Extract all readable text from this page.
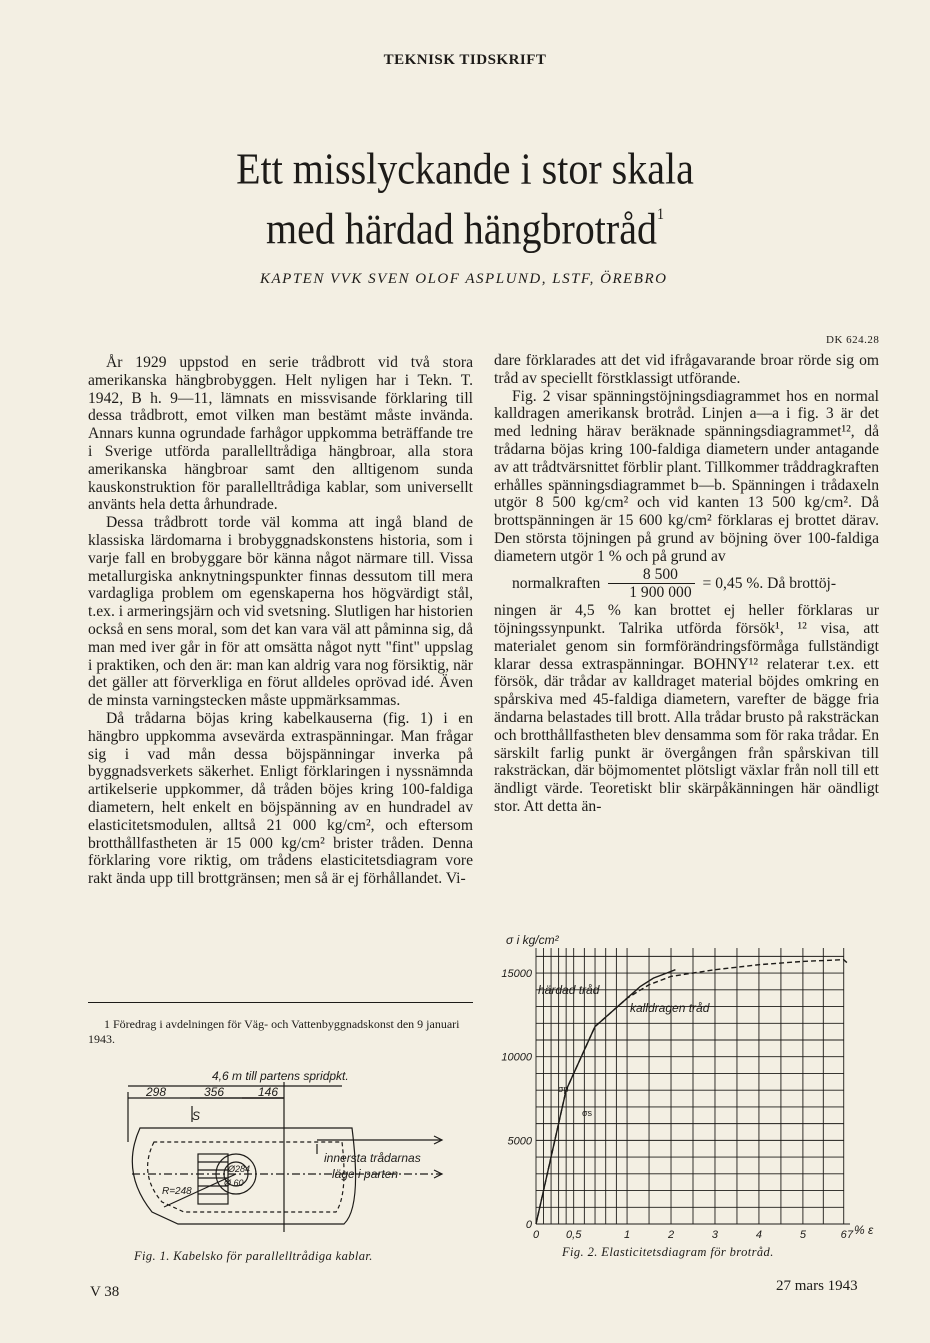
TEKNISK TIDSKRIFT
Ett misslyckande i stor skala
med härdad hängbrotråd$^1$
KAPTEN VVK SVEN OLOF ASPLUND, LSTF, ÖREBRO
DK 624.28

År 1929 uppstod en serie trådbrott vid två stora amerikanska hängbrobyggen. Helt nyligen har i Tekn. T. 1942, B h. 9—11, lämnats en missvisande förklaring till dessa trådbrott, emot vilken man bestämt måste invända. Annars kunna ogrundade farhågor uppkomma beträffande tre i Sverige utförda parallelltrådiga hängbroar, alla stora amerikanska hängbroar samt den alltigenom sunda kauskonstruktion för parallelltrådiga kablar, som universellt använts hela detta århundrade.

Dessa trådbrott torde väl komma att ingå bland de klassiska lärdomarna i brobyggnadskonstens historia, som i varje fall en brobyggare bör känna något närmare till. Vissa metallurgiska anknytningspunkter finnas dessutom till mera vardagliga problem om egenskaperna hos högvärdigt stål, t.ex. i armeringsjärn och vid svetsning. Slutligen har historien också en sens moral, som det kan vara väl att påminna sig, då man med iver går in för att omsätta något nytt "fint" uppslag i praktiken, och den är: man kan aldrig vara nog försiktig, när det gäller att förverkliga en förut alldeles oprövad idé. Även de minsta varningstecken måste uppmärksammas.

Då trådarna böjas kring kabelkauserna (fig. 1) i en hängbro uppkomma avsevärda extraspänningar. Man frågar sig i vad mån dessa böjspänningar inverka på byggnadsverkets säkerhet. Enligt förklaringen i nyssnämnda artikelserie uppkommer, då tråden böjes kring 100-faldiga diametern, helt enkelt en böjspänning av en hundradel av elasticitetsmodulen, alltså 21 000 kg/cm², och eftersom brotthållfastheten är 15 000 kg/cm² brister tråden. Denna förklaring vore riktig, om trådens elasticitetsdiagram vore rakt ända upp till brottgränsen; men så är ej förhållandet. Vi-

1 Föredrag i avdelningen för Väg- och Vattenbyggnadskonst den 9 januari 1943.

dare förklarades att det vid ifrågavarande broar rörde sig om tråd av speciellt förstklassigt utförande.

Fig. 2 visar spänningstöjningsdiagrammet hos en normal kalldragen amerikansk brotråd. Linjen a—a i fig. 3 är det med ledning härav beräknade spänningsdiagrammet¹², då trådarna böjas kring 100-faldiga diametern under antagande av att trådtvärsnittet förblir plant. Tillkommer tråddragkraften erhålles spänningsdiagrammet b—b. Spänningen i trådaxeln utgör 8 500 kg/cm² och vid kanten 13 500 kg/cm². Då brottspänningen är 15 600 kg/cm² förklaras ej brottet därav. Den största töjningen på grund av böjning över 100-faldiga diametern utgör 1 % och på grund av

normalkraften $\frac{8 500}{1 900 000} = 0,45$ %. Då brottöj-

ningen är 4,5 % kan brottet ej heller förklaras ur töjningssynpunkt. Talrika utförda försök¹, ¹² visa, att materialet genom sin formförändringsförmåga fullständigt klarar dessa extraspänningar. BOHNY¹² relaterar t.ex. ett försök, där trådar av kalldraget material böjdes omkring en spårskiva med 45-faldiga diametern, varefter de bägge fria ändarna belastades till brott. Alla trådar brusto på raksträckan och brotthållfastheten blev densamma som för raka trådar. En särskilt farlig punkt är övergången från spårskivan till raksträckan, där böjmomentet plötsligt växlar från noll till ett ändligt värde. Teoretiskt blir skärpåkänningen här oändligt stor. Att detta än-

4,6 m till partens spridpkt.
298	356	146
S
innersta trådarnas
läge i parten
R=248
Ø284
Ø 60
Fig. 1. Kabelsko för parallelltrådiga kablar.
15000
10000
5000
0
0 0,5	1	2	3	4	5	6 7
σ i kg/cm²
% ε
härdad tråd
kalldragen tråd
σp
σs
Fig. 2. Elasticitetsdiagram för brotråd.
V 38	27 mars 1943
